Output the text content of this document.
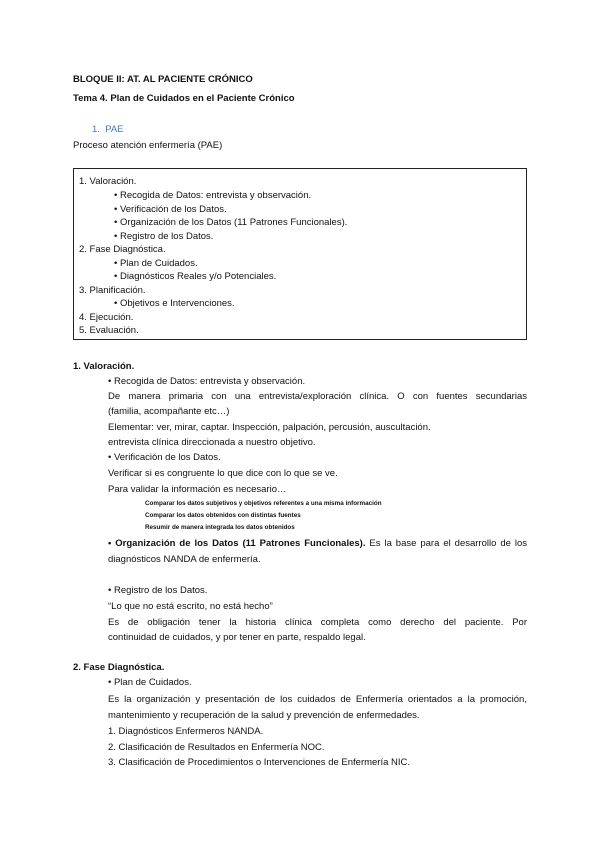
BLOQUE II: AT. AL PACIENTE CRÓNICO
Tema 4. Plan de Cuidados en el Paciente Crónico
1. PAE
Proceso atención enfermería (PAE)
1. Valoración.
• Recogida de Datos: entrevista y observación.
• Verificación de los Datos.
• Organización de los Datos (11 Patrones Funcionales).
• Registro de los Datos.
2. Fase Diagnóstica.
• Plan de Cuidados.
• Diagnósticos Reales y/o Potenciales.
3. Planificación.
• Objetivos e Intervenciones.
4. Ejecución.
5. Evaluación.
1. Valoración.
• Recogida de Datos: entrevista y observación.
De manera primaria con una entrevista/exploración clínica. O con fuentes secundarias
(familia, acompañante etc…)
Elementar: ver, mirar, captar. Inspección, palpación, percusión, auscultación.
entrevista clínica direccionada a nuestro objetivo.
• Verificación de los Datos.
Verificar si es congruente lo que dice con lo que se ve.
Para validar la información es necesario…
Comparar los datos subjetivos y objetivos referentes a una misma información
Comparar los datos obtenidos con distintas fuentes
Resumir de manera integrada los datos obtenidos
• Organización de los Datos (11 Patrones Funcionales). Es la base para el desarrollo de los
diagnósticos NANDA de enfermería.
• Registro de los Datos.
“Lo que no está escrito, no está hecho”
Es de obligación tener la historia clínica completa como derecho del paciente. Por
continuidad de cuidados, y por tener en parte, respaldo legal.
2. Fase Diagnóstica.
• Plan de Cuidados.
Es la organización y presentación de los cuidados de Enfermería orientados a la promoción,
mantenimiento y recuperación de la salud y prevención de enfermedades.
1. Diagnósticos Enfermeros NANDA.
2. Clasificación de Resultados en Enfermería NOC.
3. Clasificación de Procedimientos o Intervenciones de Enfermería NIC.
